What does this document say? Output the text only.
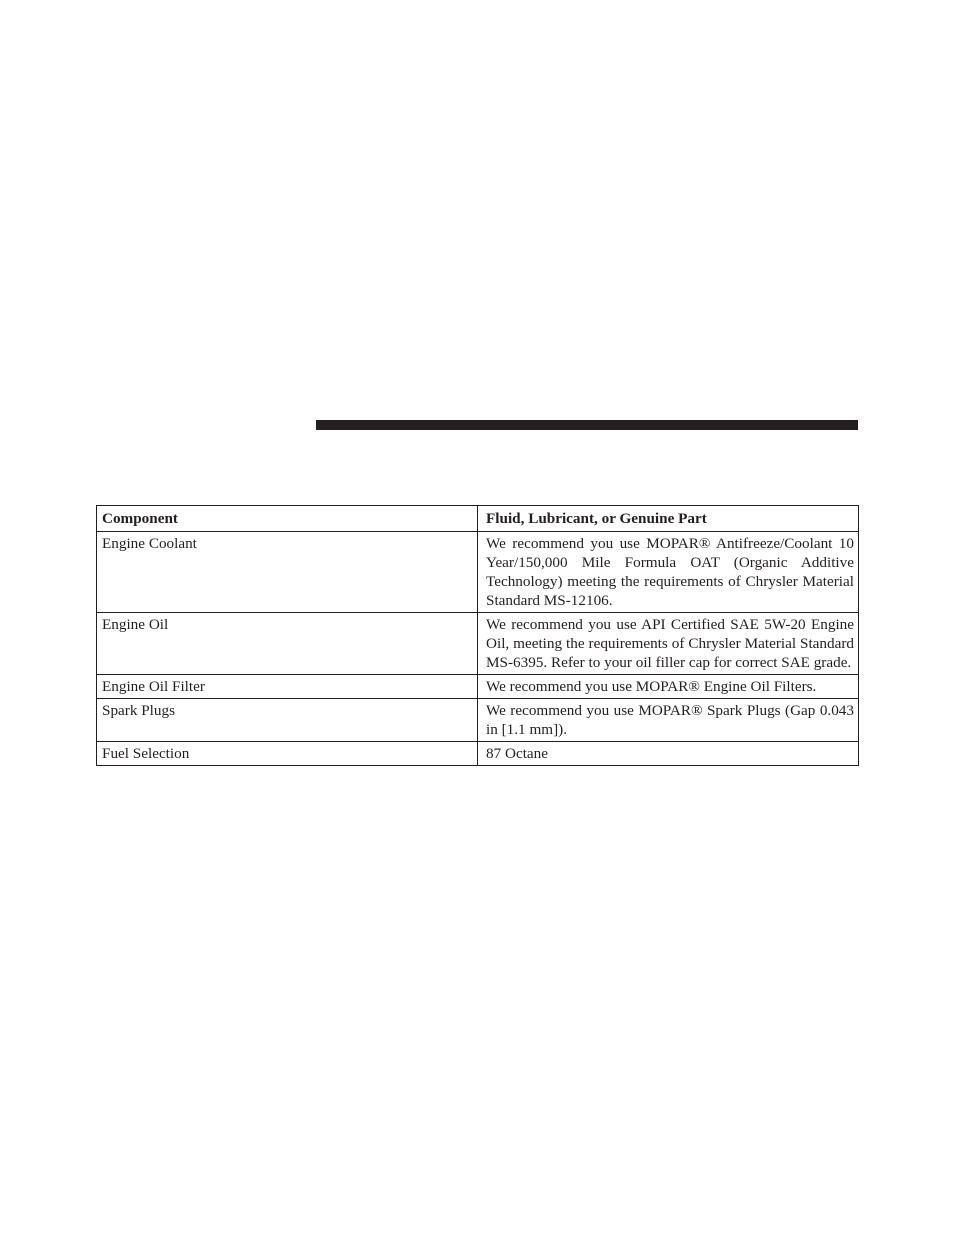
Component	Fluid, Lubricant, or Genuine Part
Engine Coolant	We recommend you use MOPAR® Antifreeze/Coolant 10 Year/150,000 Mile Formula OAT (Organic Additive Technology) meeting the requirements of Chrysler Material Standard MS-12106.
Engine Oil	We recommend you use API Certified SAE 5W-20 Engine Oil, meeting the requirements of Chrysler Material Standard MS-6395. Refer to your oil filler cap for correct SAE grade.
Engine Oil Filter	We recommend you use MOPAR® Engine Oil Filters.
Spark Plugs	We recommend you use MOPAR® Spark Plugs (Gap 0.043 in [1.1 mm]).
Fuel Selection	87 Octane
